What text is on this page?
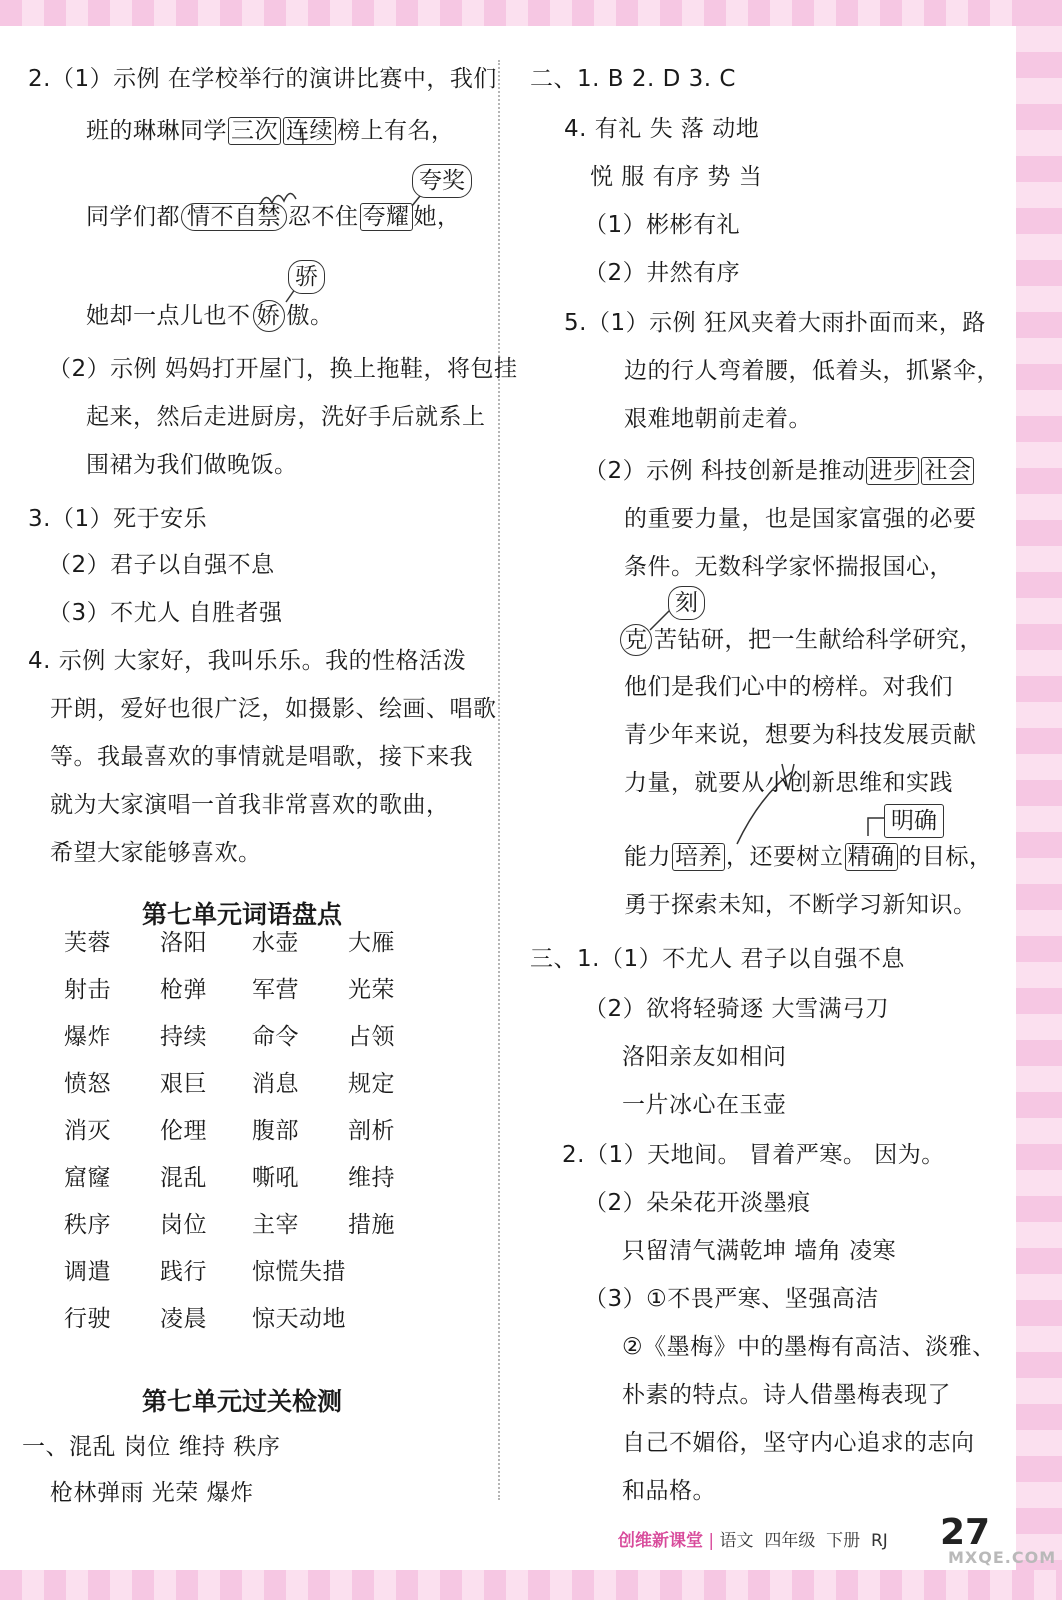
2.（1）示例 在学校举行的演讲比赛中，我们
班的琳琳同学 三次 连续 榜上有名，
夸奖
同学们都 情不自禁 忍不住 夸耀 她，
骄
她却一点儿也不 娇 傲。
（2）示例 妈妈打开屋门，换上拖鞋，将包挂
起来，然后走进厨房，洗好手后就系上
围裙为我们做晚饭。
3.（1）死于安乐
（2）君子以自强不息
（3）不尤人 自胜者强
4. 示例 大家好，我叫乐乐。我的性格活泼
开朗，爱好也很广泛，如摄影、绘画、唱歌
等。我最喜欢的事情就是唱歌，接下来我
就为大家演唱一首我非常喜欢的歌曲，
希望大家能够喜欢。
第七单元词语盘点
芙蓉 洛阳 水壶 大雁
射击 枪弹 军营 光荣
爆炸 持续 命令 占领
愤怒 艰巨 消息 规定
消灭 伦理 腹部 剖析
窟窿 混乱 嘶吼 维持
秩序 岗位 主宰 措施
调遣 践行 惊慌失措
行驶 凌晨 惊天动地
第七单元过关检测
一、混乱 岗位 维持 秩序
枪林弹雨 光荣 爆炸
二、1. B 2. D 3. C
4. 有礼 失 落 动地
悦 服 有序 势 当
（1）彬彬有礼
（2）井然有序
5.（1）示例 狂风夹着大雨扑面而来，路
边的行人弯着腰，低着头，抓紧伞，
艰难地朝前走着。
（2）示例 科技创新是推动 进步 社会
的重要力量，也是国家富强的必要
条件。无数科学家怀揣报国心，
刻
克 苦钻研，把一生献给科学研究，
他们是我们心中的榜样。对我们
青少年来说，想要为科技发展贡献
力量，就要从小创新思维和实践
明确
能力 培养 ，还要树立 精确 的目标，
勇于探索未知，不断学习新知识。
三、1.（1）不尤人 君子以自强不息
（2）欲将轻骑逐 大雪满弓刀
洛阳亲友如相问
一片冰心在玉壶
2.（1）天地间。 冒着严寒。 因为。
（2）朵朵花开淡墨痕
只留清气满乾坤 墙角 凌寒
（3）①不畏严寒、坚强高洁
②《墨梅》中的墨梅有高洁、淡雅、
朴素的特点。诗人借墨梅表现了
自己不媚俗，坚守内心追求的志向
和品格。
创维新课堂 | 语文 四年级 下册 RJ 27
MXQE.COM
